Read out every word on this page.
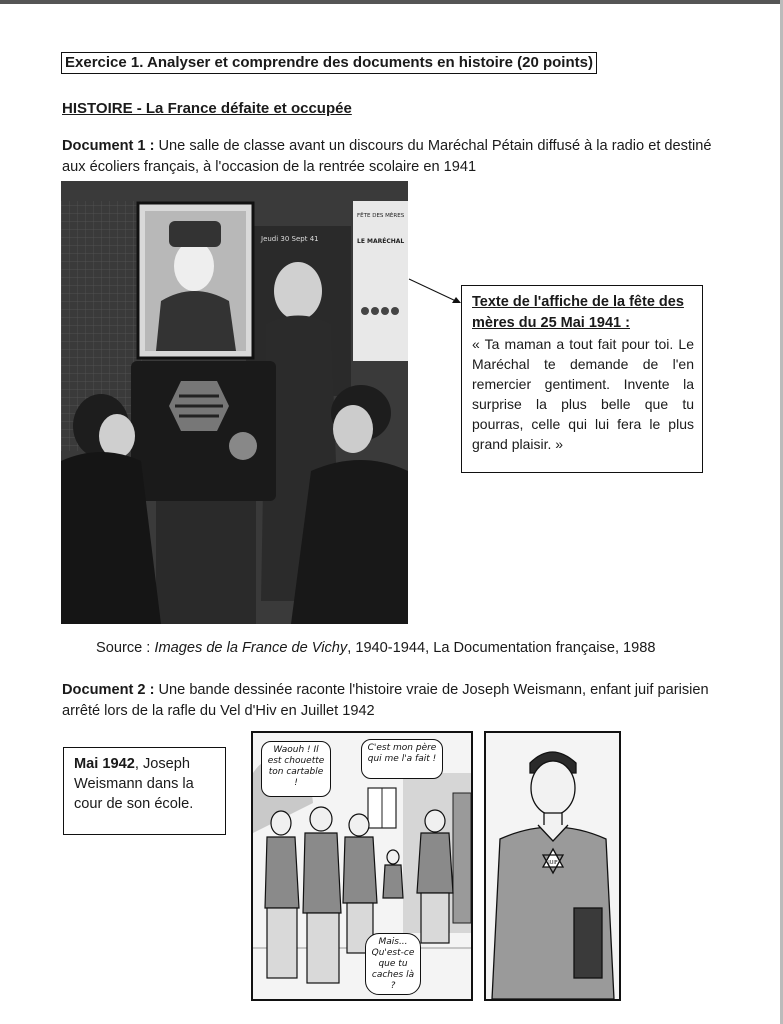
Exercice 1. Analyser et comprendre des documents en histoire (20 points)
HISTOIRE - La France défaite et occupée
Document 1 : Une salle de classe avant un discours du Maréchal Pétain diffusé à la radio et destiné aux écoliers français, à l'occasion de la rentrée scolaire en 1941
Jeudi 30 Sept 41
FÊTE DES MÈRES
LE MARÉCHAL
Texte de l'affiche de la fête des mères du 25 Mai 1941 :
« Ta maman a tout fait pour toi. Le Maréchal te demande de l'en remercier gentiment. Invente la surprise la plus belle que tu pourras, celle qui lui fera le plus grand plaisir. »
Source : Images de la France de Vichy, 1940-1944, La Documentation française, 1988
Document 2 : Une bande dessinée raconte l'histoire vraie de Joseph Weismann, enfant juif parisien arrêté lors de la rafle du Vel d'Hiv en Juillet 1942
Mai 1942, Joseph Weismann dans la cour de son école.
Waouh ! Il est chouette ton cartable !
C'est mon père qui me l'a fait !
Mais... Qu'est-ce que tu caches là ?
JUIF
